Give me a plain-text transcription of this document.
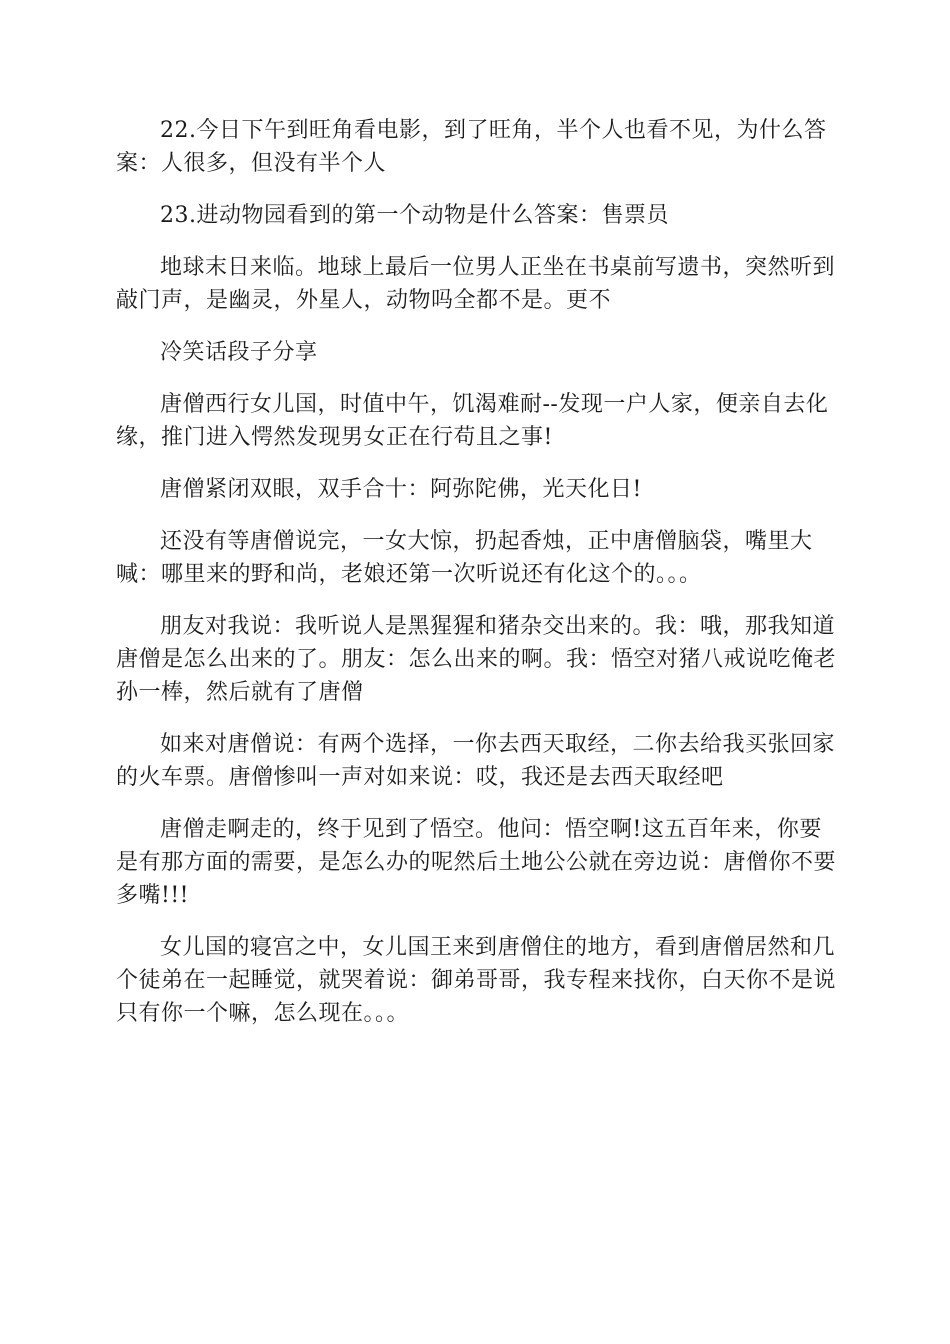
22.今日下午到旺角看电影，到了旺角，半个人也看不见，为什么答案：人很多，但没有半个人

23.进动物园看到的第一个动物是什么答案：售票员

地球末日来临。地球上最后一位男人正坐在书桌前写遗书，突然听到敲门声，是幽灵，外星人，动物吗全都不是。更不

冷笑话段子分享

唐僧西行女儿国，时值中午，饥渴难耐--发现一户人家，便亲自去化缘，推门进入愕然发现男女正在行苟且之事!

唐僧紧闭双眼，双手合十：阿弥陀佛，光天化日!

还没有等唐僧说完，一女大惊，扔起香烛，正中唐僧脑袋，嘴里大喊：哪里来的野和尚，老娘还第一次听说还有化这个的。。。

朋友对我说：我听说人是黑猩猩和猪杂交出来的。我：哦，那我知道唐僧是怎么出来的了。朋友：怎么出来的啊。我：悟空对猪八戒说吃俺老孙一棒，然后就有了唐僧

如来对唐僧说：有两个选择，一你去西天取经，二你去给我买张回家的火车票。唐僧惨叫一声对如来说：哎，我还是去西天取经吧

唐僧走啊走的，终于见到了悟空。他问：悟空啊!这五百年来，你要是有那方面的需要，是怎么办的呢然后土地公公就在旁边说：唐僧你不要多嘴!!!

女儿国的寝宫之中，女儿国王来到唐僧住的地方，看到唐僧居然和几个徒弟在一起睡觉，就哭着说：御弟哥哥，我专程来找你，白天你不是说只有你一个嘛，怎么现在。。。
